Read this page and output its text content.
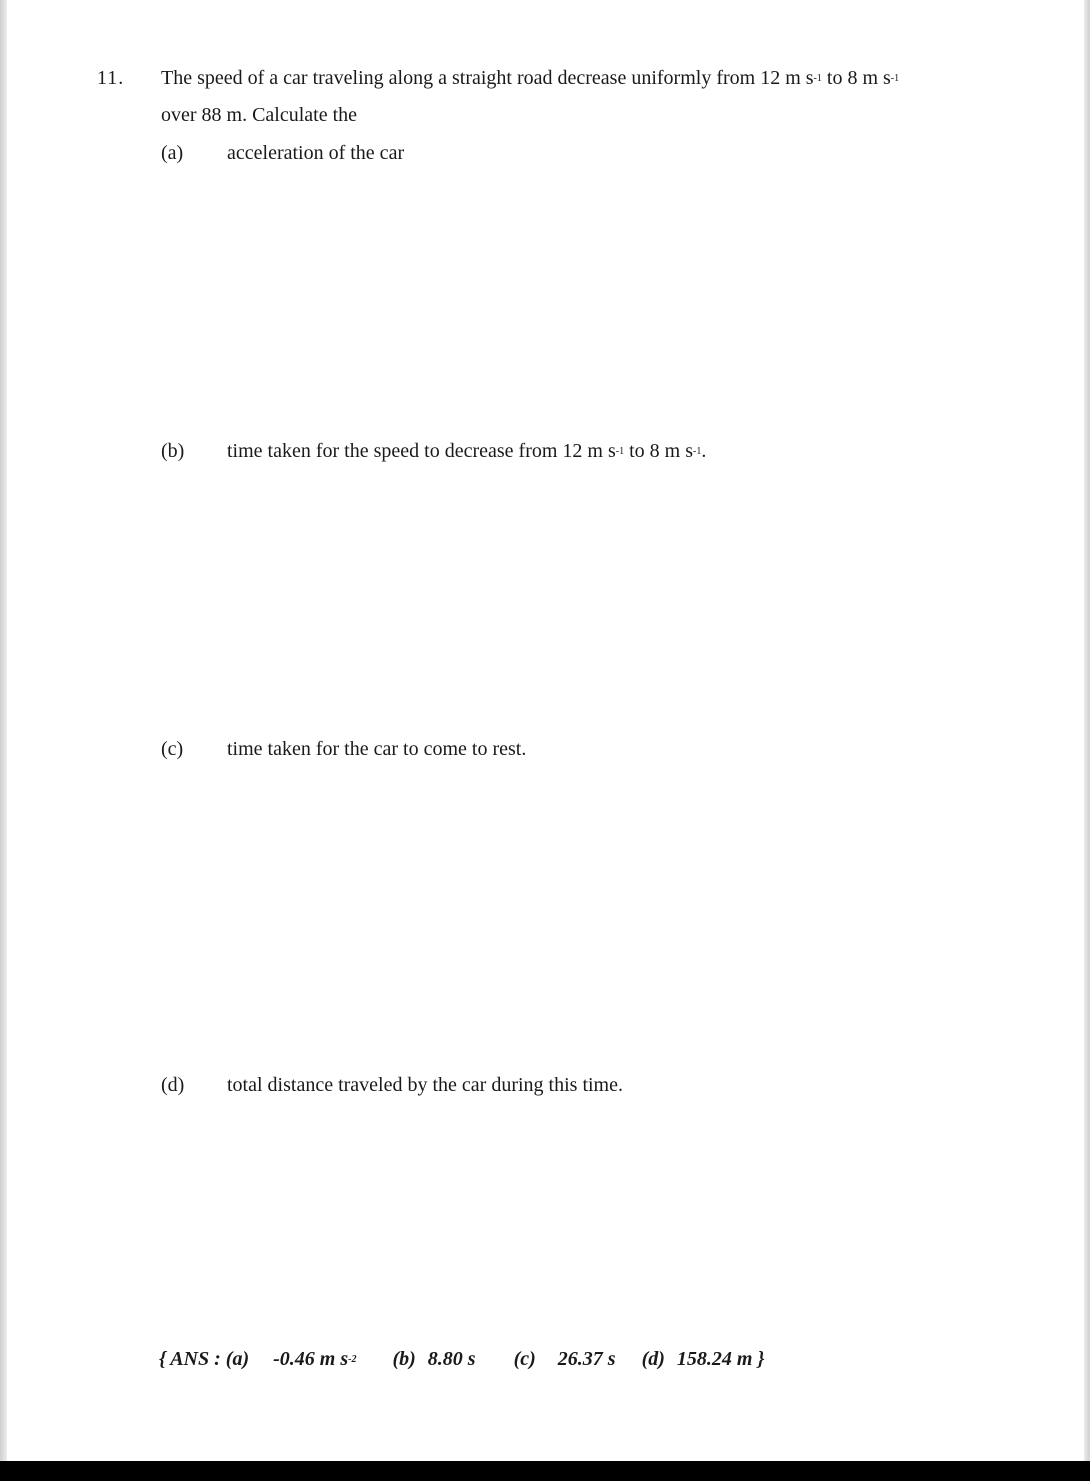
11. The speed of a car traveling along a straight road decrease uniformly from 12 m $s^{-1}$ to 8 m $s^{-1}$
over 88 m. Calculate the
(a) acceleration of the car
(b) time taken for the speed to decrease from 12 m $s^{-1}$ to 8 m $s^{-1}$.
(c) time taken for the car to come to rest.
(d) total distance traveled by the car during this time.
{ ANS : (a) -0.46 m $s^{-2}$ (b) 8.80 s (c) 26.37 s (d) 158.24 m }
